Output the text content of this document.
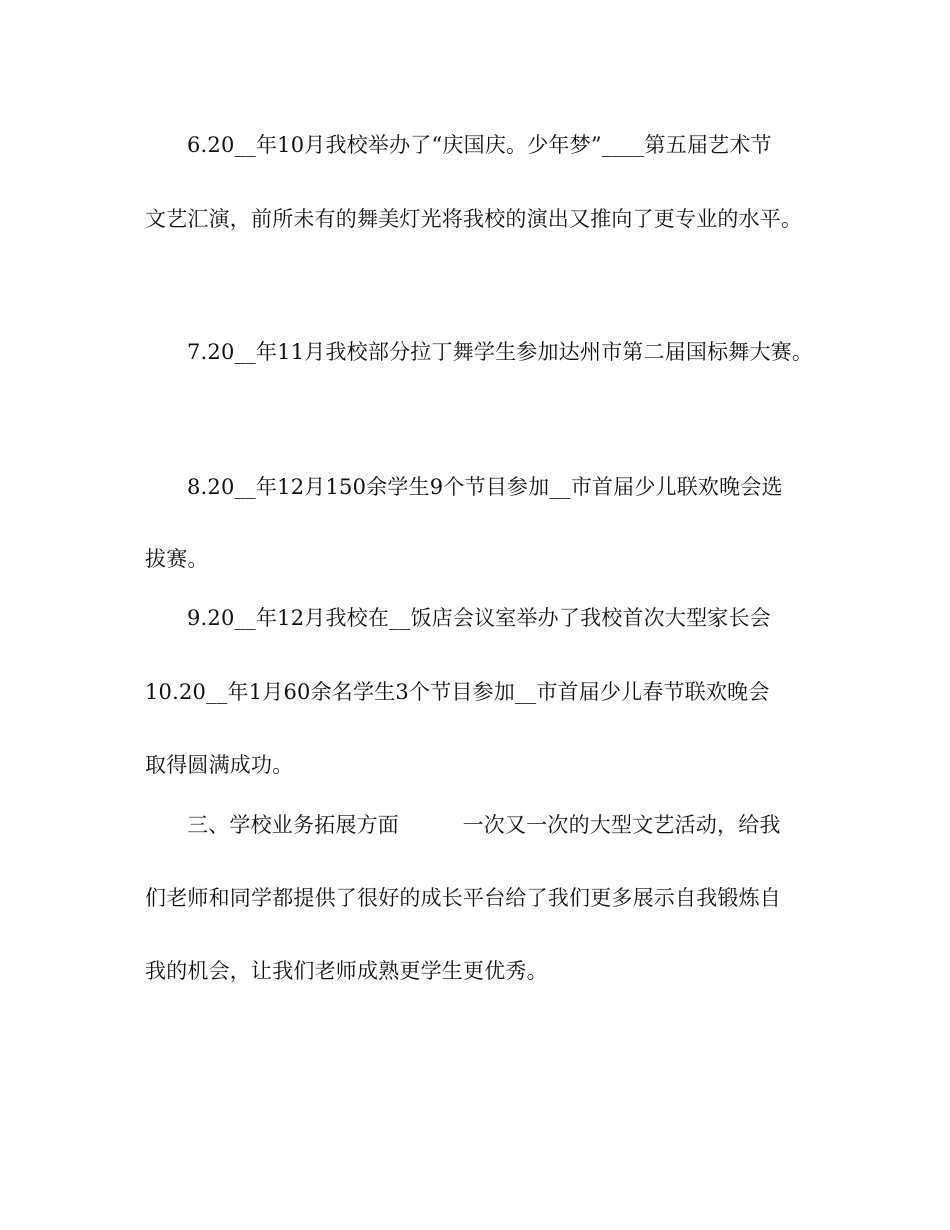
6.20__年10月我校举办了“庆国庆。少年梦”____第五届艺术节
文艺汇演，前所未有的舞美灯光将我校的演出又推向了更专业的水平。
7.20__年11月我校部分拉丁舞学生参加达州市第二届国标舞大赛。
8.20__年12月150余学生9个节目参加__市首届少儿联欢晚会选
拔赛。
9.20__年12月我校在__饭店会议室举办了我校首次大型家长会
10.20__年1月60余名学生3个节目参加__市首届少儿春节联欢晚会
取得圆满成功。
三、学校业务拓展方面　　　一次又一次的大型文艺活动，给我
们老师和同学都提供了很好的成长平台给了我们更多展示自我锻炼自
我的机会，让我们老师成熟更学生更优秀。
